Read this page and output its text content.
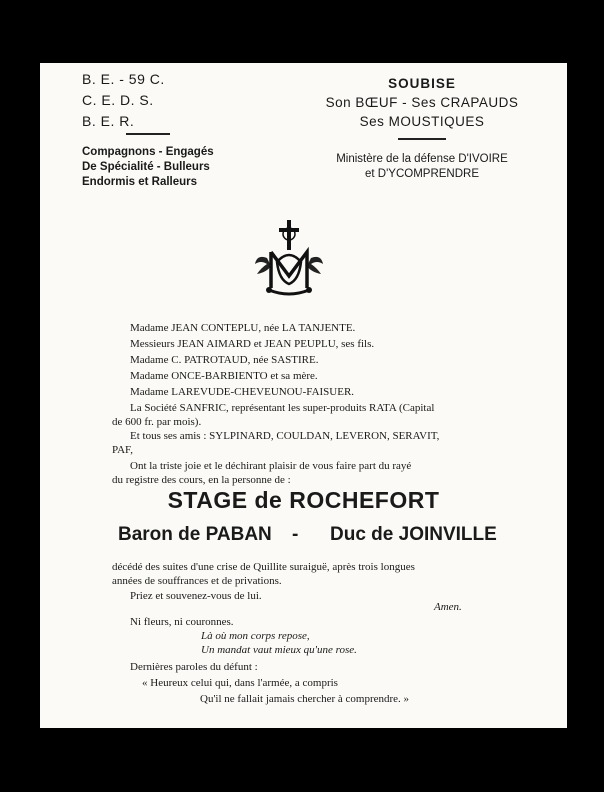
B. E. - 59 C.
C. E. D. S.
B. E. R.
Compagnons - Engagés
De Spécialité - Bulleurs
Endormis et Ralleurs
SOUBISE
Son BŒUF - Ses CRAPAUDS
Ses MOUSTIQUES
Ministère de la défense D'IVOIRE
et D'YCOMPRENDRE
Madame JEAN CONTEPLU, née LA TANJENTE.
Messieurs JEAN AIMARD et JEAN PEUPLU, ses fils.
Madame C. PATROTAUD, née SASTIRE.
Madame ONCE-BARBIENTO et sa mère.
Madame LAREVUDE-CHEVEUNOU-FAISUER.
La Société SANFRIC, représentant les super-produits RATA (Capital
de 600 fr. par mois).
Et tous ses amis : SYLPINARD, COULDAN, LEVERON, SERAVIT,
PAF,
Ont la triste joie et le déchirant plaisir de vous faire part du rayé
du registre des cours, en la personne de :
STAGE de ROCHEFORT
Baron de PABAN - Duc de JOINVILLE
décédé des suites d'une crise de Quillite suraiguë, après trois longues
années de souffrances et de privations.
Priez et souvenez-vous de lui.
Amen.
Ni fleurs, ni couronnes.
Là où mon corps repose,
Un mandat vaut mieux qu'une rose.
Dernières paroles du défunt :
« Heureux celui qui, dans l'armée, a compris
Qu'il ne fallait jamais chercher à comprendre. »
